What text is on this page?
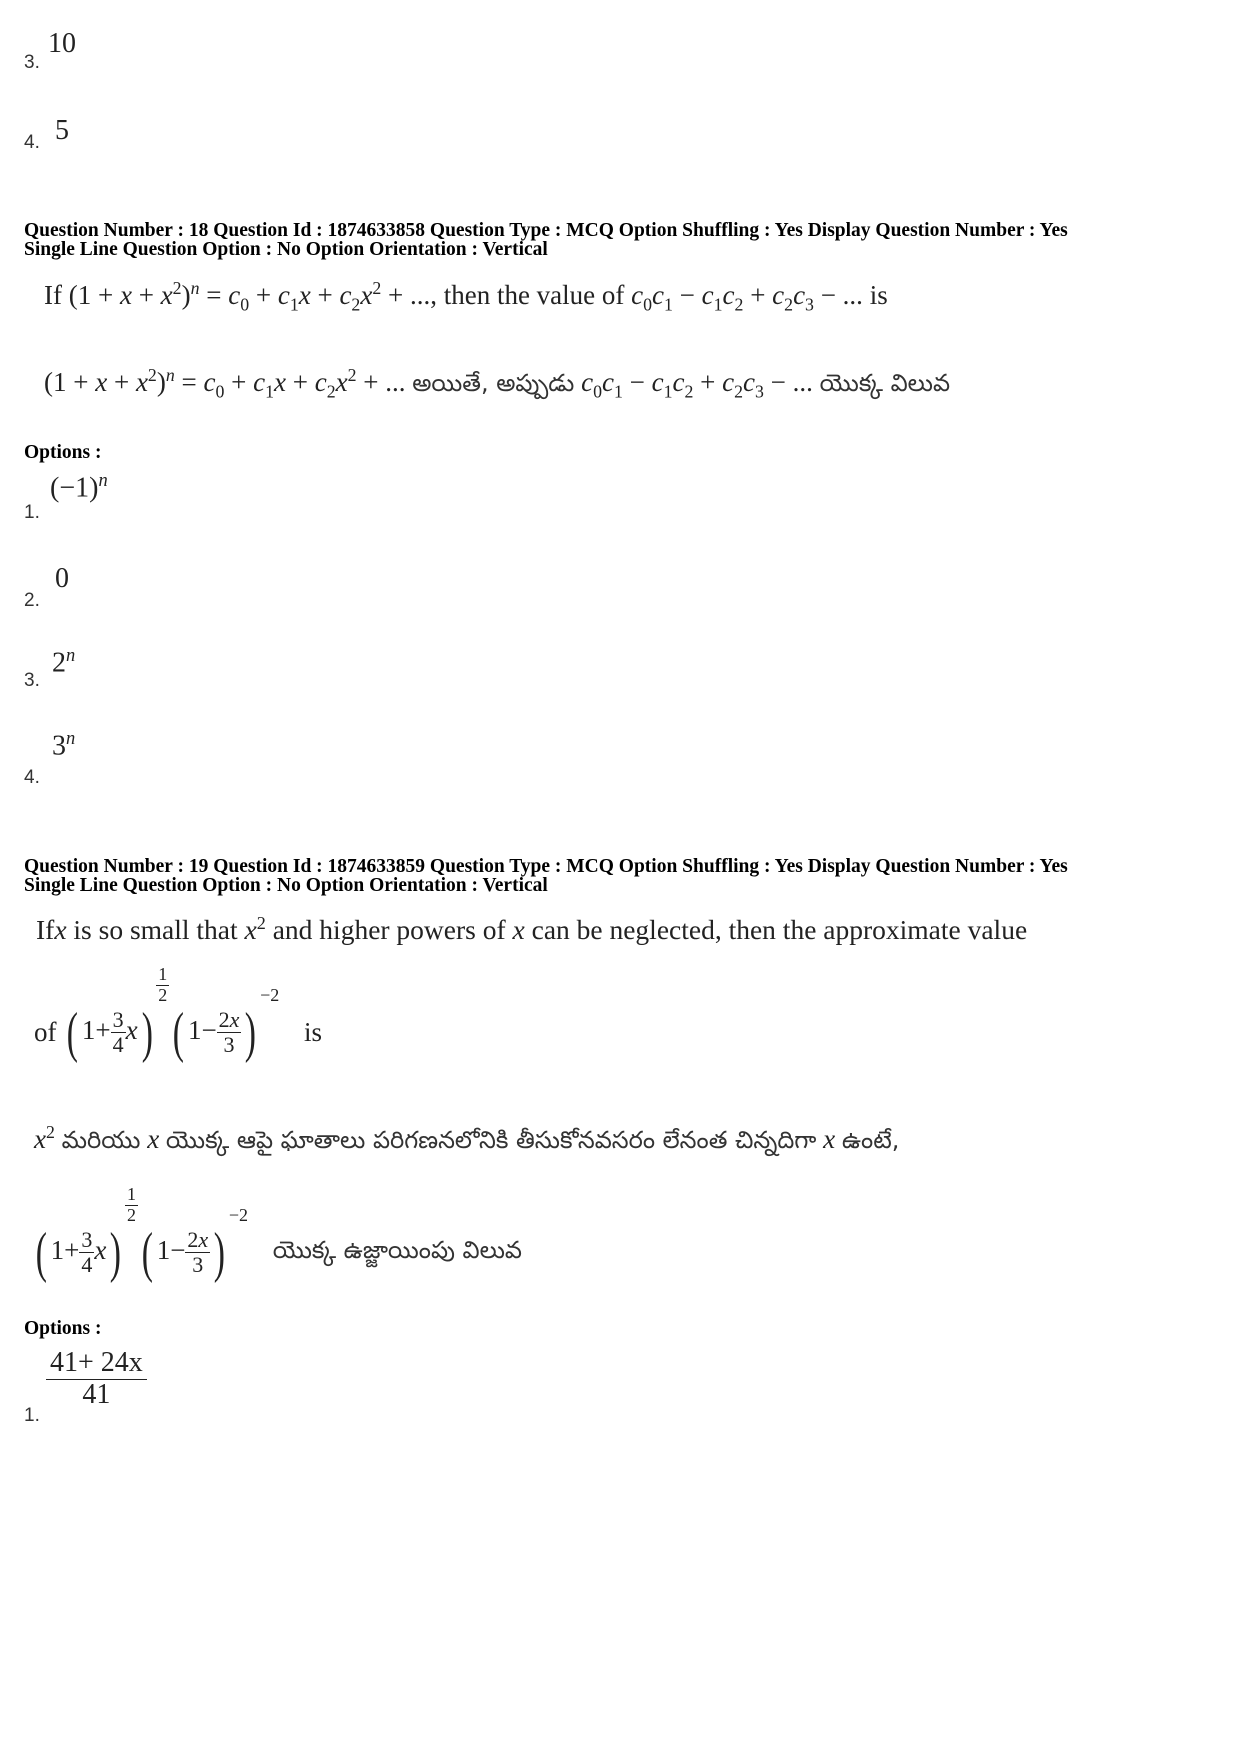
10
3.
5
4.
Question Number : 18 Question Id : 1874633858 Question Type : MCQ Option Shuffling : Yes Display Question Number : Yes
Single Line Question Option : No Option Orientation : Vertical
If $(1 + x + x^2)^n = c_0 + c_1x + c_2x^2$ + ..., then the value of $c_0c_1 - c_1c_2 + c_2c_3$ − ... is
$(1 + x + x^2)^n = c_0 + c_1x + c_2x^2$ + ... అయితే, అప్పుడు $c_0c_1 - c_1c_2 + c_2c_3$ − ... యొక్క విలువ
Options :
$(-1)^n$
1.
0
2.
2$^n$
3.
3$^n$
4.
Question Number : 19 Question Id : 1874633859 Question Type : MCQ Option Shuffling : Yes Display Question Number : Yes
Single Line Question Option : No Option Orientation : Vertical
Ifx is so small that $x^2$ and higher powers of x can be neglected, then the approximate value
of ( $1+ \frac{3}{4} x$)
$\frac{1}{2}$
( $1- \frac{2x}{3} )^{-2}$ is
$x^2$ మరియు x యొక్క ఆపై ఘాతాలు పరిగణనలోనికి తీసుకోనవసరం లేనంత చిన్నదిగా x ఉంటే,
( $1+ \frac{3}{4} x$)
$\frac{1}{2}$
( $1- \frac{2x}{3} )^{-2}$ యొక్క ఉజ్జాయింపు విలువ
Options :
$\frac{41+ 24x}{41}$
1.
